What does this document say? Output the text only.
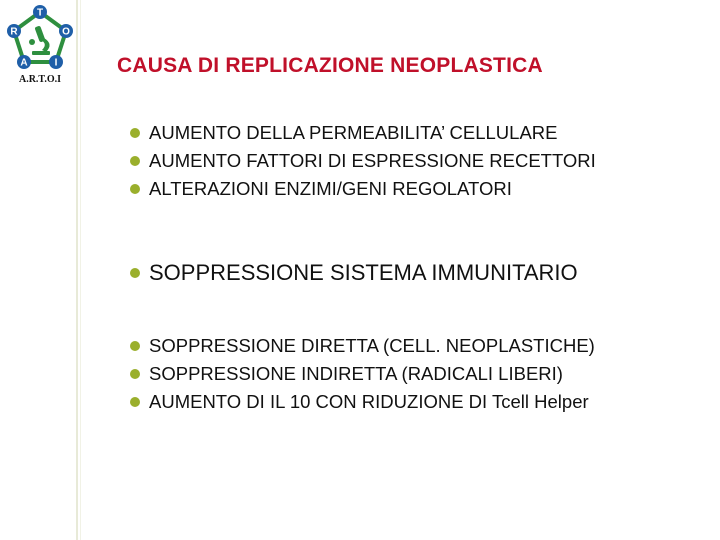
T
R	O
A	I
A.R.T.O.I
CAUSA DI REPLICAZIONE NEOPLASTICA
AUMENTO DELLA PERMEABILITA’ CELLULARE
AUMENTO FATTORI DI ESPRESSIONE RECETTORI
ALTERAZIONI ENZIMI/GENI REGOLATORI
SOPPRESSIONE SISTEMA IMMUNITARIO
SOPPRESSIONE DIRETTA (CELL. NEOPLASTICHE)
SOPPRESSIONE INDIRETTA (RADICALI LIBERI)
AUMENTO DI IL 10 CON RIDUZIONE DI Tcell Helper
